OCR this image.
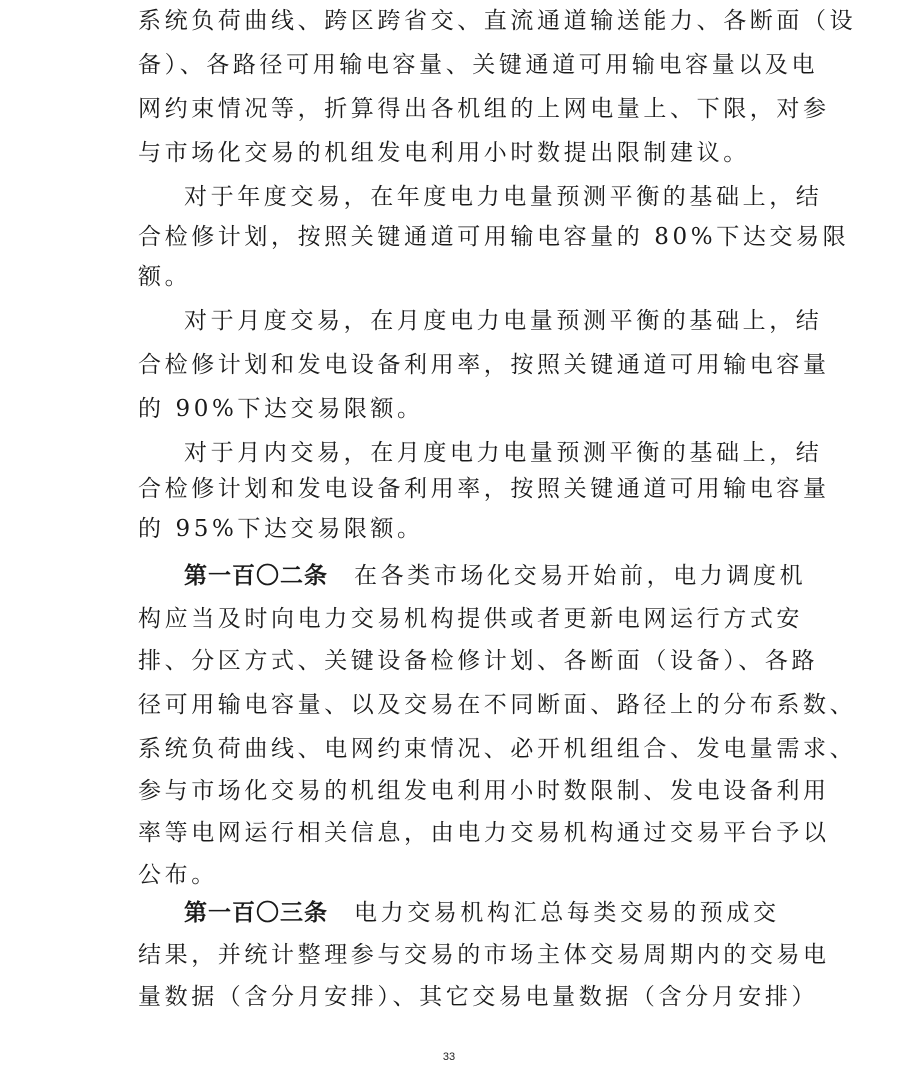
系统负荷曲线、跨区跨省交、直流通道输送能力、各断面（设
备）、各路径可用输电容量、关键通道可用输电容量以及电
网约束情况等，折算得出各机组的上网电量上、下限，对参
与市场化交易的机组发电利用小时数提出限制建议。
对于年度交易，在年度电力电量预测平衡的基础上，结
合检修计划，按照关键通道可用输电容量的 80%下达交易限
额。
对于月度交易，在月度电力电量预测平衡的基础上，结
合检修计划和发电设备利用率，按照关键通道可用输电容量
的 90%下达交易限额。
对于月内交易，在月度电力电量预测平衡的基础上，结
合检修计划和发电设备利用率，按照关键通道可用输电容量
的 95%下达交易限额。
第一百〇二条 在各类市场化交易开始前，电力调度机
构应当及时向电力交易机构提供或者更新电网运行方式安
排、分区方式、关键设备检修计划、各断面（设备）、各路
径可用输电容量、以及交易在不同断面、路径上的分布系数、
系统负荷曲线、电网约束情况、必开机组组合、发电量需求、
参与市场化交易的机组发电利用小时数限制、发电设备利用
率等电网运行相关信息，由电力交易机构通过交易平台予以
公布。
第一百〇三条 电力交易机构汇总每类交易的预成交
结果，并统计整理参与交易的市场主体交易周期内的交易电
量数据（含分月安排）、其它交易电量数据（含分月安排）
33
